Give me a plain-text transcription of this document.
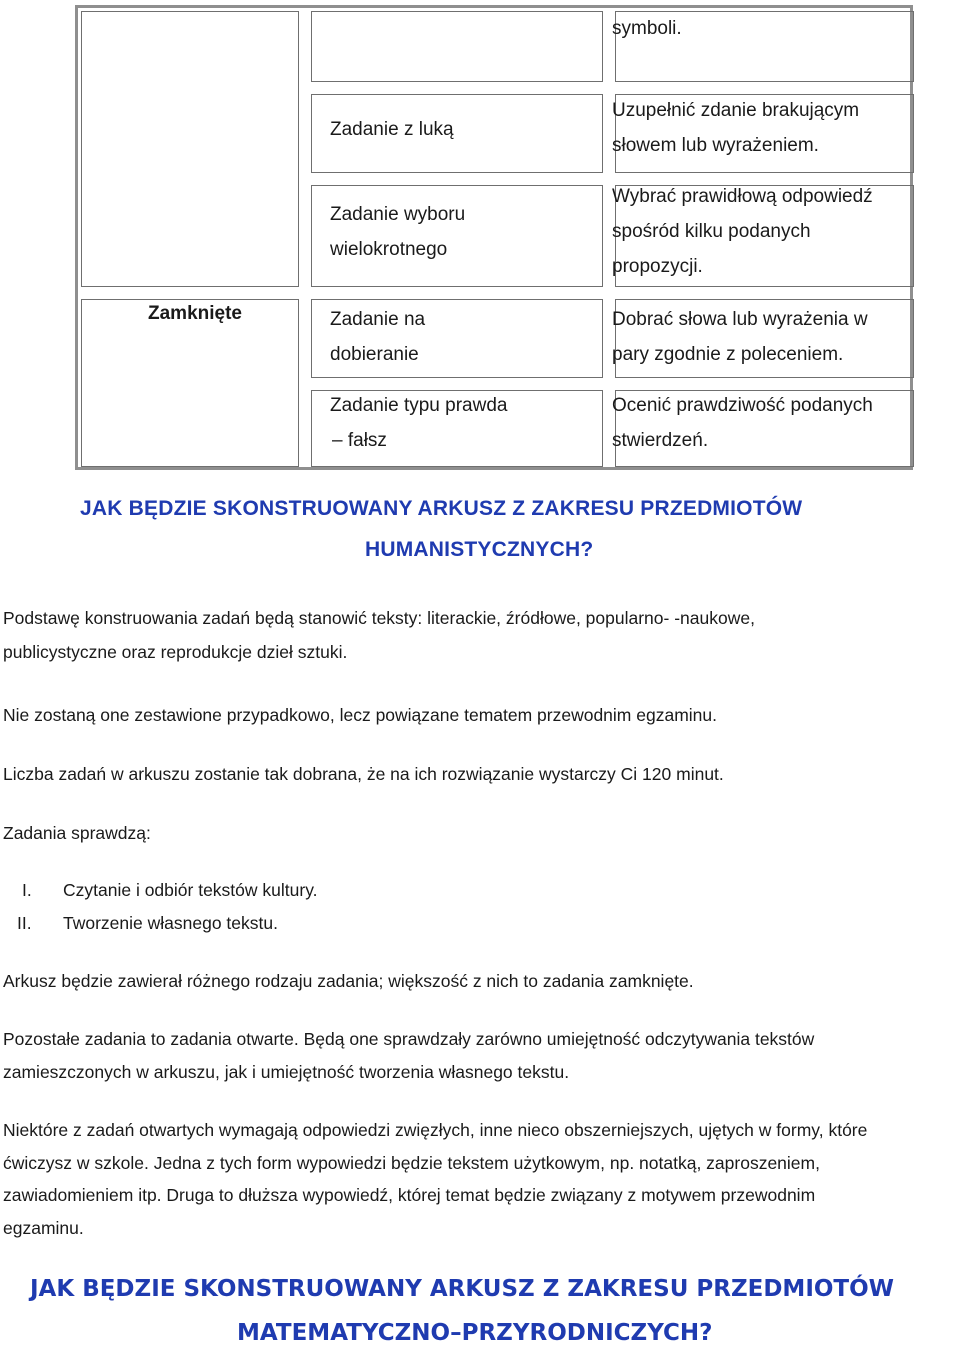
symboli.
Zadanie z luką
Uzupełnić zdanie brakującym
słowem lub wyrażeniem.
Zadanie wyboru
wielokrotnego
Wybrać prawidłową odpowiedź
spośród kilku podanych
propozycji.
Zamknięte	Zadanie na
dobieranie
Dobrać słowa lub wyrażenia w
pary zgodnie z poleceniem.
Zadanie typu prawda
– fałsz
Ocenić prawdziwość podanych
stwierdzeń.
JAK BĘDZIE SKONSTRUOWANY ARKUSZ Z ZAKRESU PRZEDMIOTÓW
HUMANISTYCZNYCH?
Podstawę konstruowania zadań będą stanowić teksty: literackie, źródłowe, popularno- -naukowe,
publicystyczne oraz reprodukcje dzieł sztuki.
Nie zostaną one zestawione przypadkowo, lecz powiązane tematem przewodnim egzaminu.
Liczba zadań w arkuszu zostanie tak dobrana, że na ich rozwiązanie wystarczy Ci 120 minut.
Zadania sprawdzą:
I. Czytanie i odbiór tekstów kultury.
II. Tworzenie własnego tekstu.
Arkusz będzie zawierał różnego rodzaju zadania; większość z nich to zadania zamknięte.
Pozostałe zadania to zadania otwarte. Będą one sprawdzały zarówno umiejętność odczytywania tekstów
zamieszczonych w arkuszu, jak i umiejętność tworzenia własnego tekstu.
Niektóre z zadań otwartych wymagają odpowiedzi zwięzłych, inne nieco obszerniejszych, ujętych w formy, które
ćwiczysz w szkole. Jedna z tych form wypowiedzi będzie tekstem użytkowym, np. notatką, zaproszeniem,
zawiadomieniem itp. Druga to dłuższa wypowiedź, której temat będzie związany z motywem przewodnim
egzaminu.
JAK BĘDZIE SKONSTRUOWANY ARKUSZ Z ZAKRESU PRZEDMIOTÓW
MATEMATYCZNO–PRZYRODNICZYCH?
